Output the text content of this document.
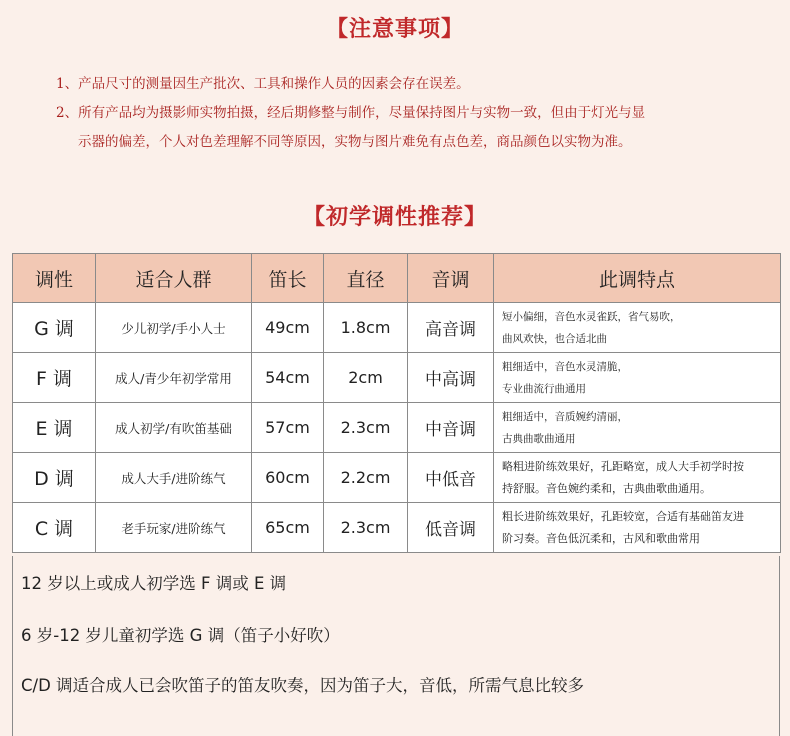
【注意事项】
1、产品尺寸的测量因生产批次、工具和操作人员的因素会存在误差。
2、所有产品均为摄影师实物拍摄，经后期修整与制作，尽量保持图片与实物一致，但由于灯光与显
示器的偏差，个人对色差理解不同等原因，实物与图片难免有点色差，商品颜色以实物为准。
【初学调性推荐】
调性	适合人群	笛长	直径	音调	此调特点
G 调	少儿初学/手小人士	49cm	1.8cm	高音调	短小偏细，音色水灵雀跃，省气易吹，
曲风欢快，也合适北曲

F 调	成人/青少年初学常用	54cm	2cm	中高调	粗细适中，音色水灵清脆，
专业曲流行曲通用

E 调	成人初学/有吹笛基础	57cm	2.3cm	中音调	粗细适中，音质婉约清丽，
古典曲歌曲通用

D 调	成人大手/进阶练气	60cm	2.2cm	中低音	略粗进阶练效果好，孔距略宽，成人大手初学时按
持舒服。音色婉约柔和，古典曲歌曲通用。

C 调	老手玩家/进阶练气	65cm	2.3cm	低音调	粗长进阶练效果好，孔距较宽，合适有基础笛友进
阶习奏。音色低沉柔和，古风和歌曲常用
12 岁以上或成人初学选 F 调或 E 调
6 岁-12 岁儿童初学选 G 调（笛子小好吹）
C/D 调适合成人已会吹笛子的笛友吹奏，因为笛子大，音低，所需气息比较多
